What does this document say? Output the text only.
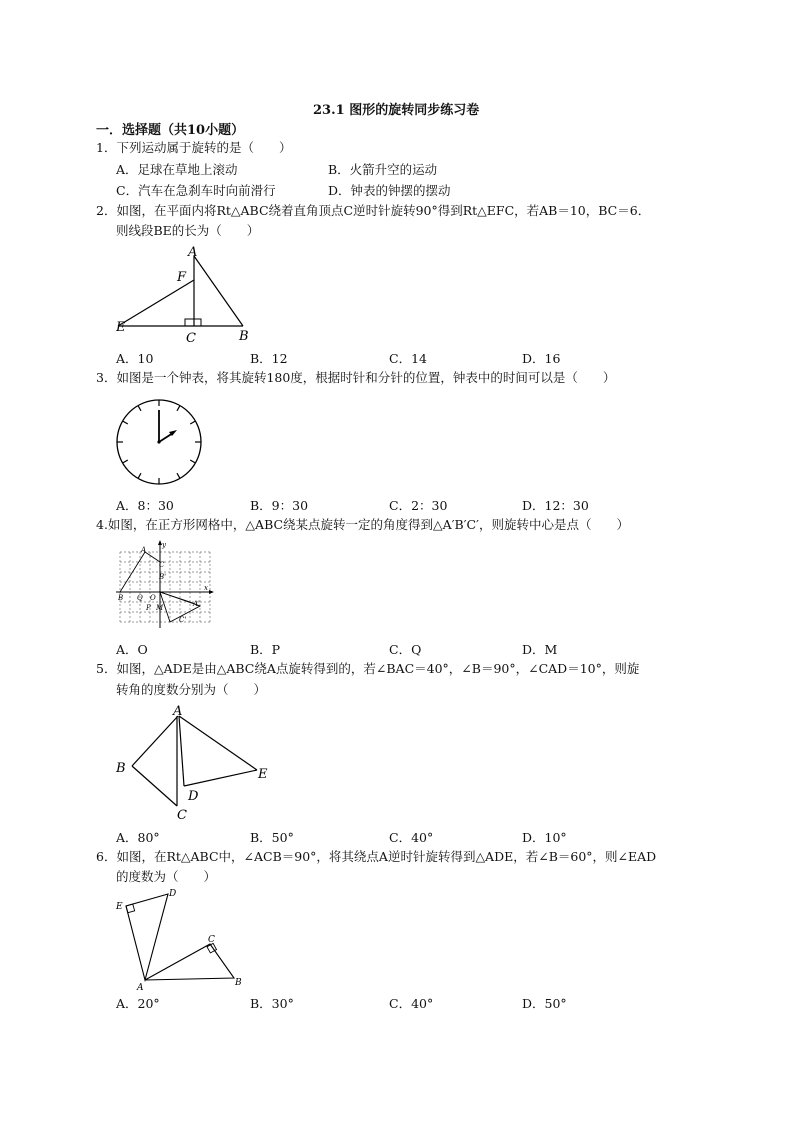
23.1 图形的旋转同步练习卷
一．选择题（共10小题）
1．下列运动属于旋转的是（　　）
A．足球在草地上滚动	B．火箭升空的运动
C．汽车在急刹车时向前滑行	D．钟表的钟摆的摆动
2．如图，在平面内将Rt△ABC绕着直角顶点C逆时针旋转90°得到Rt△EFC，若AB＝10，BC＝6．
则线段BE的长为（　　）
A
F
E
C	B
A．10	B．12	C．14	D．16
3．如图是一个钟表，将其旋转180度，根据时针和分针的位置，钟表中的时间可以是（　　）
A．8：30	B．9：30	C．2：30	D．12：30
4.如图，在正方形网格中，△ABC绕某点旋转一定的角度得到△A′B′C′，则旋转中心是点（　　）
y
x
A
C
B'
B Q O
P M	A'
C'
A．O	B．P	C．Q	D．M
5．如图，△ADE是由△ABC绕A点旋转得到的，若∠BAC＝40°，∠B＝90°，∠CAD＝10°，则旋
转角的度数分别为（　　）
A
B
C
D
E
A．80°	B．50°	C．40°	D．10°
6．如图，在Rt△ABC中，∠ACB＝90°，将其绕点A逆时针旋转得到△ADE，若∠B＝60°，则∠EAD
的度数为（　　）
E
D
C
A	B
A．20°	B．30°	C．40°	D．50°
